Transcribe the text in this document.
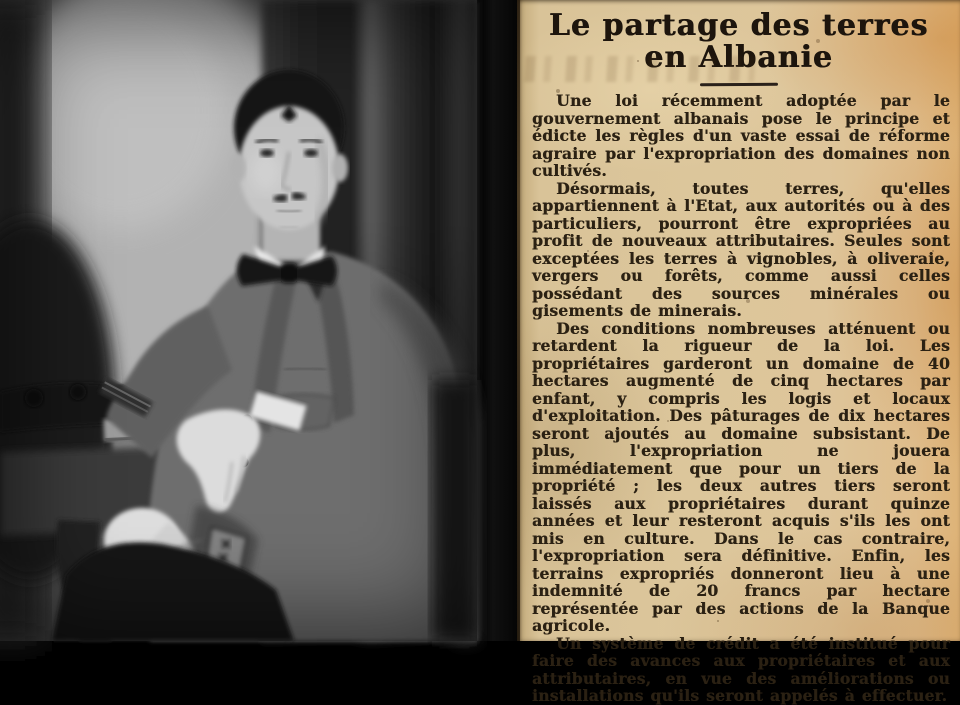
Le partage des terres
en Albanie

Une loi récemment adoptée par le gouvernement albanais pose le principe et édicte les règles d'un vaste essai de réforme agraire par l'expropriation des domaines non cultivés.

Désormais, toutes terres, qu'elles appartiennent à l'Etat, aux autorités ou à des particuliers, pourront être expropriées au profit de nouveaux attributaires. Seules sont exceptées les terres à vignobles, à oliveraie, vergers ou forêts, comme aussi celles possédant des sources minérales ou gisements de minerais.

Des conditions nombreuses atténuent ou retardent la rigueur de la loi. Les propriétaires garderont un domaine de 40 hectares augmenté de cinq hectares par enfant, y compris les logis et locaux d'exploitation. Des pâturages de dix hectares seront ajoutés au domaine subsistant. De plus, l'expropriation ne jouera immédiatement que pour un tiers de la propriété ; les deux autres tiers seront laissés aux propriétaires durant quinze années et leur resteront acquis s'ils les ont mis en culture. Dans le cas contraire, l'expropriation sera définitive. Enfin, les terrains expropriés donneront lieu à une indemnité de 20 francs par hectare représentée par des actions de la Banque agricole.

Un système de crédit a été institué pour faire des avances aux propriétaires et aux attributaires, en vue des améliorations ou installations qu'ils seront appelés à effectuer.
